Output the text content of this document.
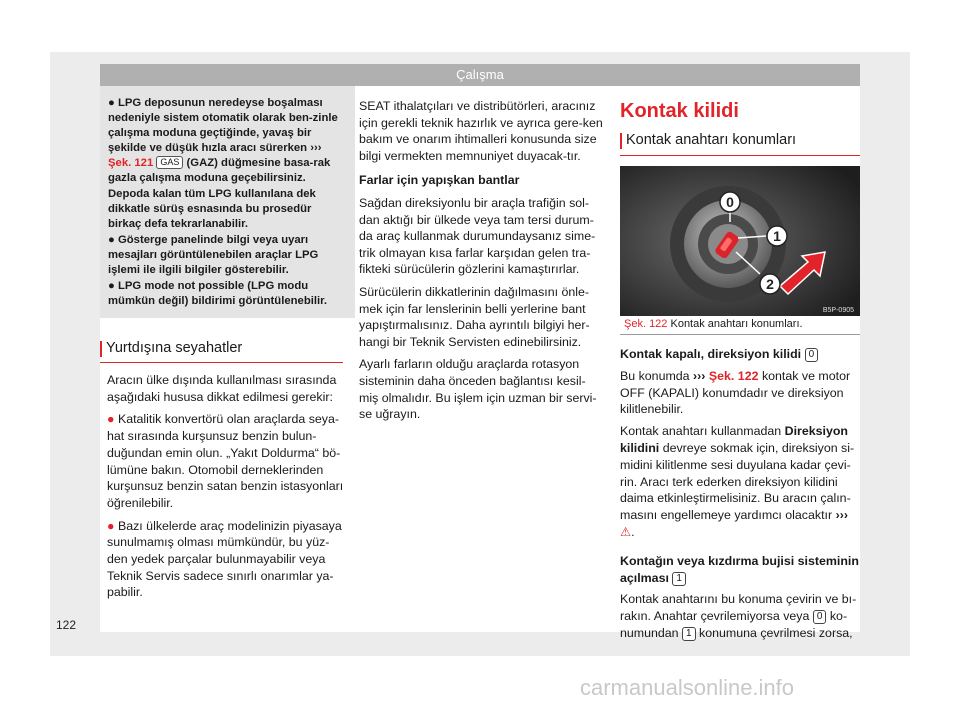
Çalışma

● LPG deposunun neredeyse boşalması nedeniyle sistem otomatik olarak ben-zinle çalışma moduna geçtiğinde, yavaş bir şekilde ve düşük hızla aracı sürerken ››› Şek. 121 GAS (GAZ) düğmesine basa-rak gazla çalışma moduna geçebilirsiniz. Depoda kalan tüm LPG kullanılana dek dikkatle sürüş esnasında bu prosedür birkaç defa tekrarlanabilir.

● Gösterge panelinde bilgi veya uyarı mesajları görüntülenebilen araçlar LPG işlemi ile ilgili bilgiler gösterebilir.

● LPG mode not possible (LPG modu mümkün değil) bildirimi görüntülenebilir.

Yurtdışına seyahatler

Aracın ülke dışında kullanılması sırasında aşağıdaki hususa dikkat edilmesi gerekir:

● Katalitik konvertörü olan araçlarda seya-hat sırasında kurşunsuz benzin bulun-duğundan emin olun. „Yakıt Doldurma“ bö-lümüne bakın. Otomobil derneklerinden kurşunsuz benzin satan benzin istasyonları öğrenilebilir.

● Bazı ülkelerde araç modelinizin piyasaya sunulmamış olması mümkündür, bu yüz-den yedek parçalar bulunmayabilir veya Teknik Servis sadece sınırlı onarımlar ya-pabilir.

SEAT ithalatçıları ve distribütörleri, aracınız için gerekli teknik hazırlık ve ayrıca gere-ken bakım ve onarım ihtimalleri konusunda size bilgi vermekten memnuniyet duyacak-tır.

Farlar için yapışkan bantlar

Sağdan direksiyonlu bir araçla trafiğin sol-dan aktığı bir ülkede veya tam tersi durum-da araç kullanmak durumundaysanız sime-trik olmayan kısa farlar karşıdan gelen tra-fikteki sürücülerin gözlerini kamaştırırlar.

Sürücülerin dikkatlerinin dağılmasını önle-mek için far lenslerinin belli yerlerine bant yapıştırmalısınız. Daha ayrıntılı bilgiyi her-hangi bir Teknik Servisten edinebilirsiniz.

Ayarlı farların olduğu araçlarda rotasyon sisteminin daha önceden bağlantısı kesil-miş olmalıdır. Bu işlem için uzman bir servi-se uğrayın.

Kontak kilidi
Kontak anahtarı konumları
0
1
2
B5P-0905
Şek. 122 Kontak anahtarı konumları.

Kontak kapalı, direksiyon kilidi 0

Bu konumda ››› Şek. 122 kontak ve motor OFF (KAPALI) konumdadır ve direksiyon kilitlenebilir.

Kontak anahtarı kullanmadan Direksiyon kilidini devreye sokmak için, direksiyon si-midini kilitlenme sesi duyulana kadar çevi-rin. Aracı terk ederken direksiyon kilidini daima etkinleştirmelisiniz. Bu aracın çalın-masını engellemeye yardımcı olacaktır ››› ⚠.

Kontağın veya kızdırma bujisi sisteminin açılması 1

Kontak anahtarını bu konuma çevirin ve bı-rakın. Anahtar çevrilemiyorsa veya 0 ko-numundan 1 konumuna çevrilmesi zorsa,

122
carmanualsonline.info
